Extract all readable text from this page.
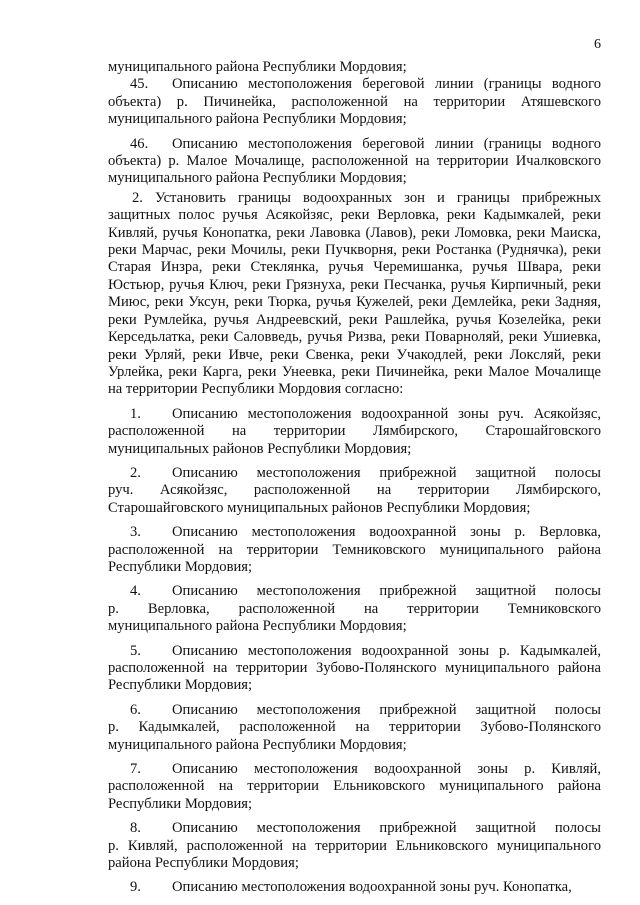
6
муниципального района Республики Мордовия;
45.	Описанию местоположения береговой линии (границы водного
объекта) р. Пичинейка, расположенной на территории Атяшевского
муниципального района Республики Мордовия;
46.	Описанию местоположения береговой линии (границы водного
объекта) р. Малое Мочалище, расположенной на территории Ичалковского
муниципального района Республики Мордовия;
2. Установить границы водоохранных зон и границы прибрежных
защитных полос ручья Асякойзяс, реки Верловка, реки Кадымкалей, реки
Кивляй, ручья Конопатка, реки Лавовка (Лавов), реки Ломовка, реки Маиска,
реки Марчас, реки Мочилы, реки Пучкворня, реки Ростанка (Руднячка), реки
Старая Инзра, реки Стеклянка, ручья Черемишанка, ручья Швара, реки
Юстьюр, ручья Ключ, реки Грязнуха, реки Песчанка, ручья Кирпичный, реки
Миюс, реки Уксун, реки Тюрка, ручья Кужелей, реки Демлейка, реки Задняя,
реки Румлейка, ручья Андреевский, реки Рашлейка, ручья Козелейка, реки
Керседьлатка, реки Саловведь, ручья Ризва, реки Поварноляй, реки Ушиевка,
реки Урляй, реки Ивче, реки Свенка, реки Учакодлей, реки Локсляй, реки
Урлейка, реки Карга, реки Унеевка, реки Пичинейка, реки Малое Мочалище
на территории Республики Мордовия согласно:
1.	Описанию местоположения водоохранной зоны руч. Асякойзяс,
расположенной на территории Лямбирского, Старошайговского
муниципальных районов Республики Мордовия;
2.	Описанию местоположения прибрежной защитной полосы
руч. Асякойзяс, расположенной на территории Лямбирского,
Старошайговского муниципальных районов Республики Мордовия;
3.	Описанию местоположения водоохранной зоны р. Верловка,
расположенной на территории Темниковского муниципального района
Республики Мордовия;
4.	Описанию местоположения прибрежной защитной полосы
р. Верловка, расположенной на территории Темниковского
муниципального района Республики Мордовия;
5.	Описанию местоположения водоохранной зоны р. Кадымкалей,
расположенной на территории Зубово-Полянского муниципального района
Республики Мордовия;
6.	Описанию местоположения прибрежной защитной полосы
р. Кадымкалей, расположенной на территории Зубово-Полянского
муниципального района Республики Мордовия;
7.	Описанию местоположения водоохранной зоны р. Кивляй,
расположенной на территории Ельниковского муниципального района
Республики Мордовия;
8.	Описанию местоположения прибрежной защитной полосы
р. Кивляй, расположенной на территории Ельниковского муниципального
района Республики Мордовия;
9.	Описанию местоположения водоохранной зоны руч. Конопатка,
